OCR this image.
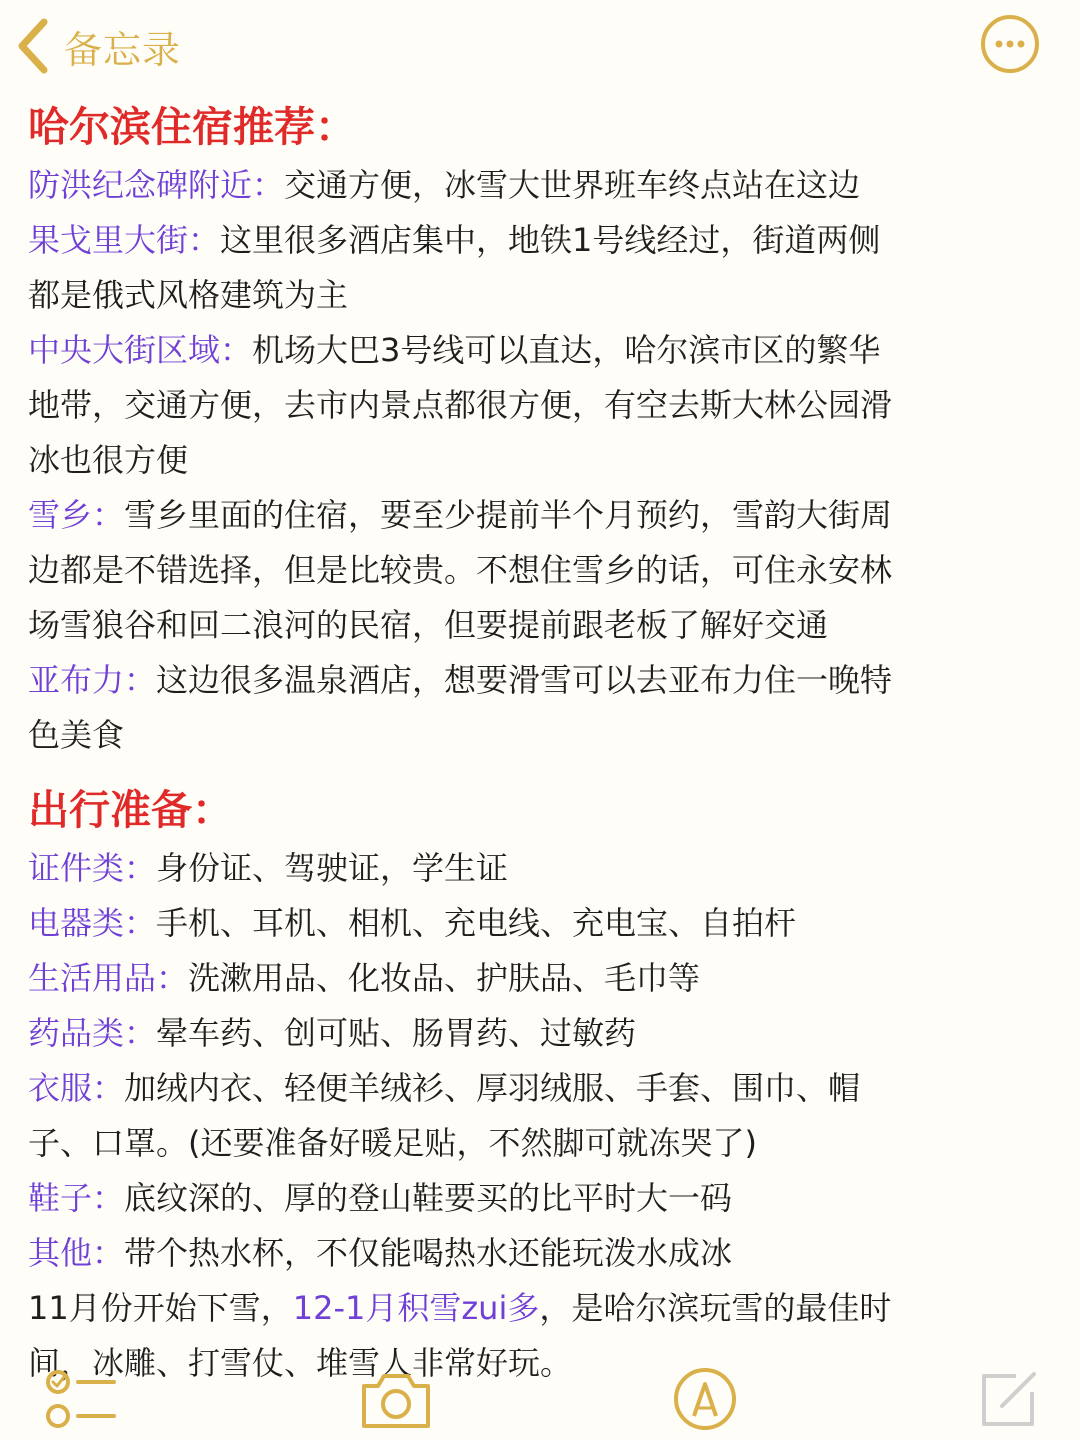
备忘录
哈尔滨住宿推荐：
防洪纪念碑附近：交通方便，冰雪大世界班车终点站在这边
果戈里大街：这里很多酒店集中，地铁1号线经过，街道两侧
都是俄式风格建筑为主
中央大街区域：机场大巴3号线可以直达，哈尔滨市区的繁华
地带，交通方便，去市内景点都很方便，有空去斯大林公园滑
冰也很方便
雪乡：雪乡里面的住宿，要至少提前半个月预约，雪韵大街周
边都是不错选择，但是比较贵。不想住雪乡的话，可住永安林
场雪狼谷和回二浪河的民宿，但要提前跟老板了解好交通
亚布力：这边很多温泉酒店，想要滑雪可以去亚布力住一晚特
色美食
出行准备：
证件类：身份证、驾驶证，学生证
电器类：手机、耳机、相机、充电线、充电宝、自拍杆
生活用品：洗漱用品、化妆品、护肤品、毛巾等
药品类：晕车药、创可贴、肠胃药、过敏药
衣服：加绒内衣、轻便羊绒衫、厚羽绒服、手套、围巾、帽
子、口罩。(还要准备好暖足贴，不然脚可就冻哭了)
鞋子：底纹深的、厚的登山鞋要买的比平时大一码
其他：带个热水杯，不仅能喝热水还能玩泼水成冰
11月份开始下雪，12-1月积雪zui多，是哈尔滨玩雪的最佳时
间，冰雕、打雪仗、堆雪人非常好玩。
